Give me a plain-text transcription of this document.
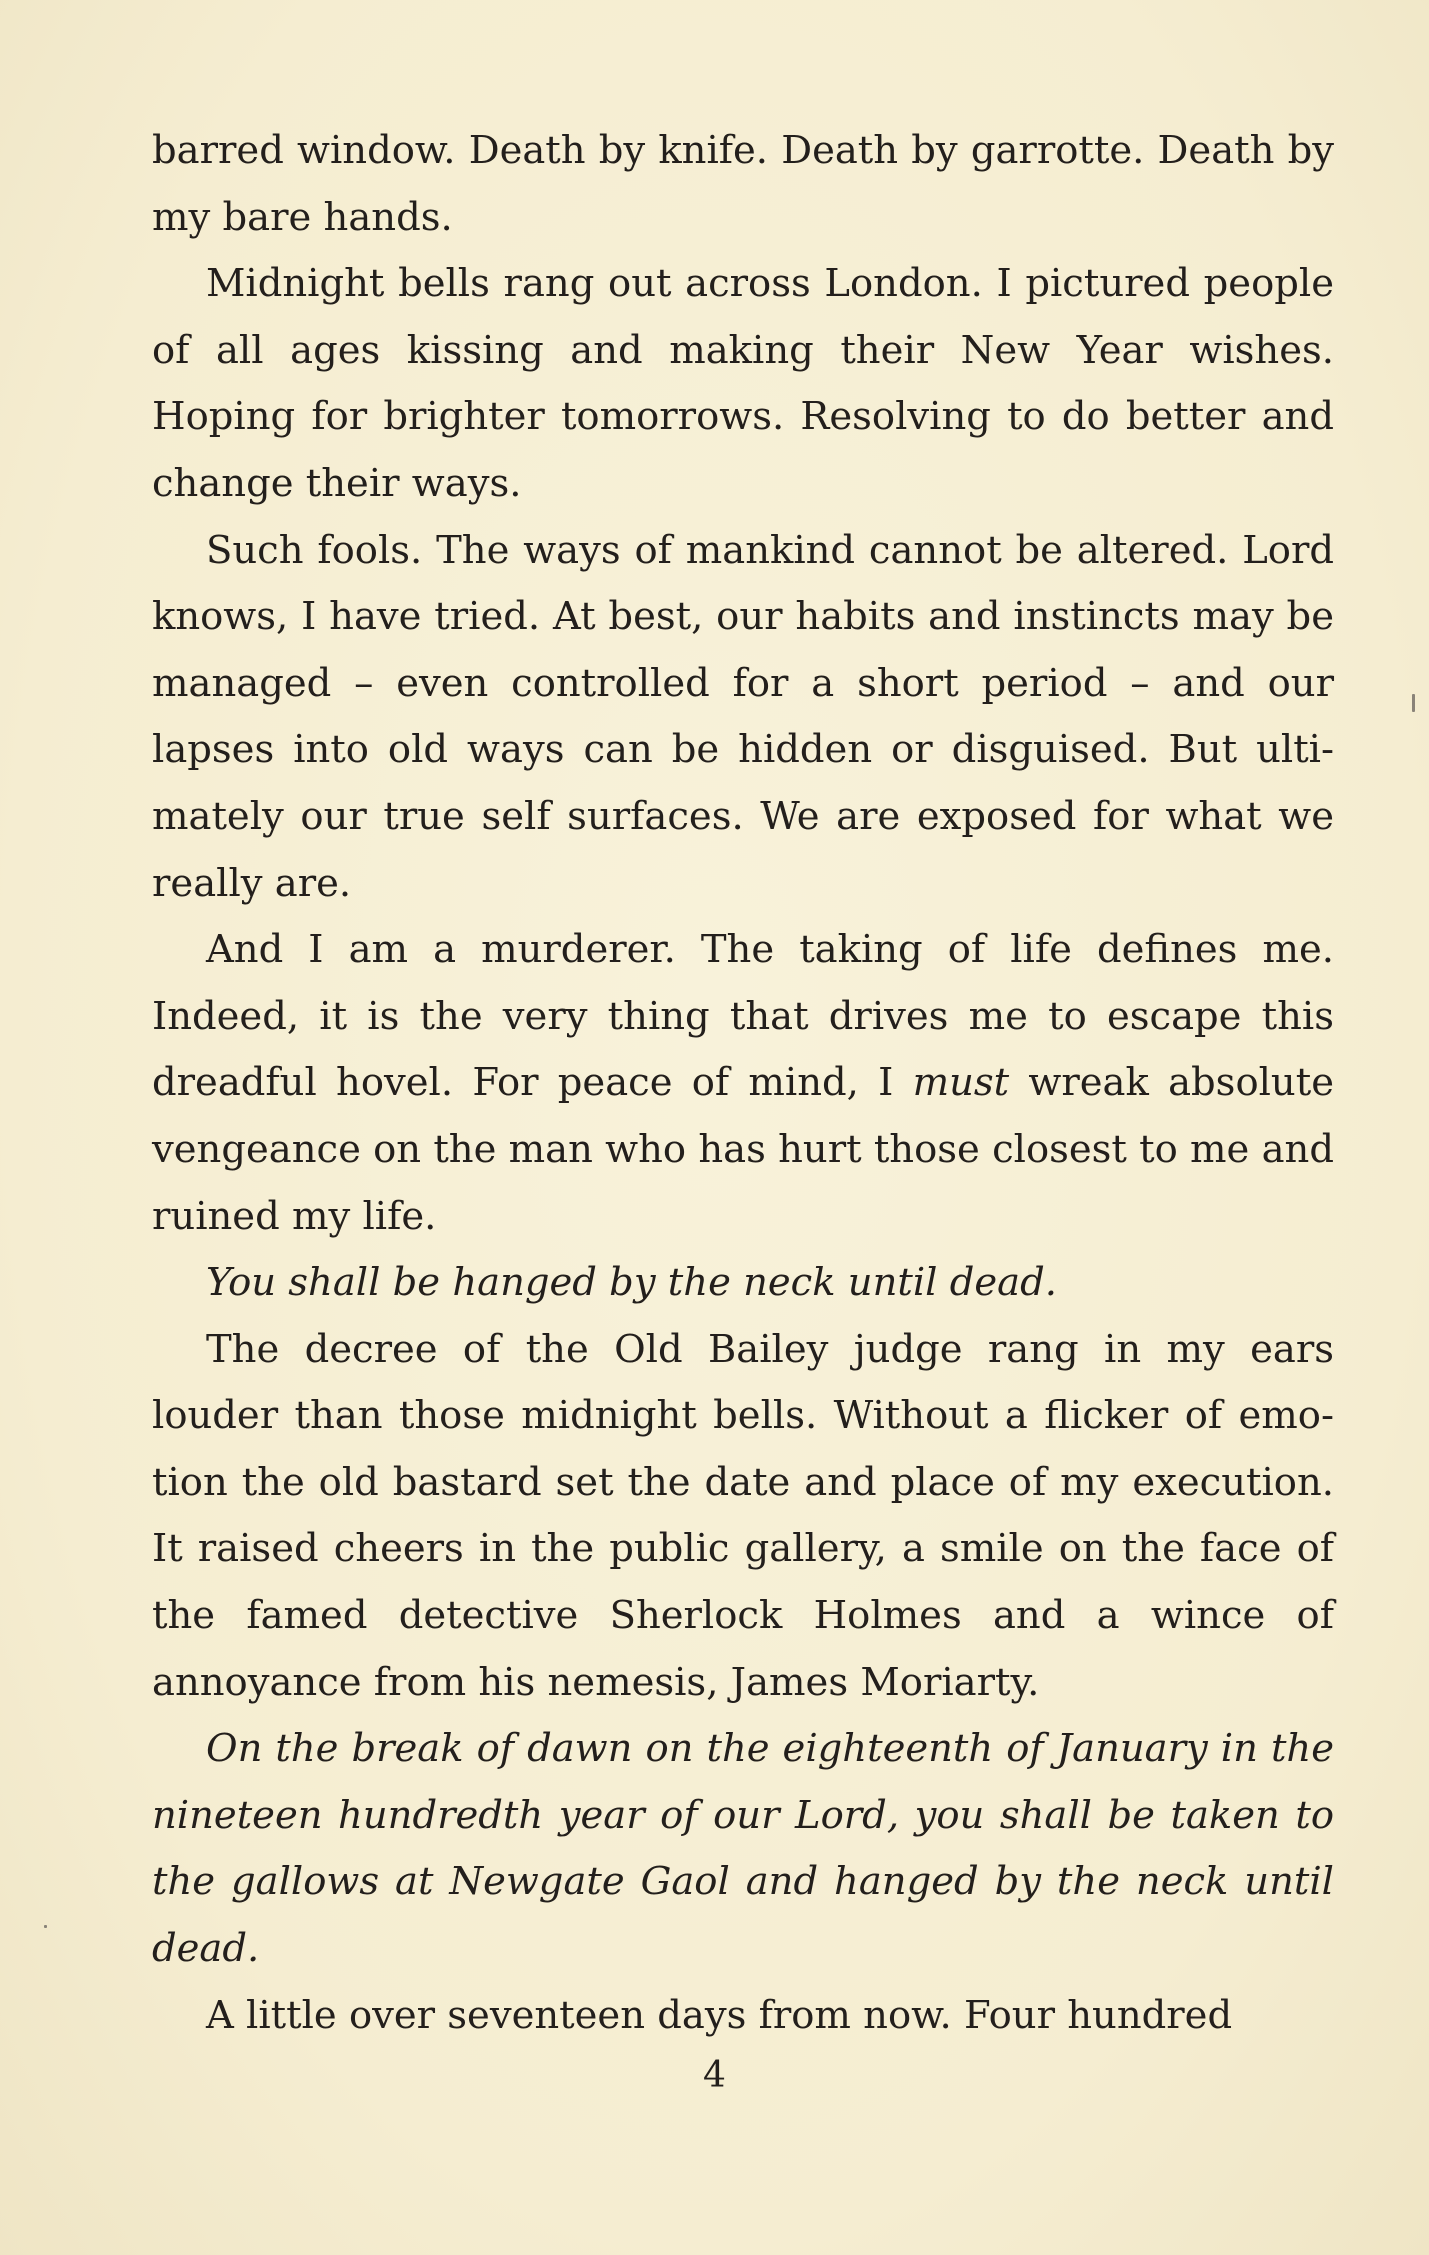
barred window. Death by knife. Death by garrotte. Death by my bare hands.

Midnight bells rang out across London. I pictured people of all ages kissing and making their New Year wishes. Hoping for brighter tomorrows. Resolving to do better and change their ways.

Such fools. The ways of mankind cannot be altered. Lord knows, I have tried. At best, our habits and instincts may be managed – even controlled for a short period – and our lapses into old ways can be hidden or disguised. But ultimately our true self surfaces. We are exposed for what we really are.

And I am a murderer. The taking of life defines me. Indeed, it is the very thing that drives me to escape this dreadful hovel. For peace of mind, I must wreak absolute vengeance on the man who has hurt those closest to me and ruined my life.

You shall be hanged by the neck until dead.

The decree of the Old Bailey judge rang in my ears louder than those midnight bells. Without a flicker of emotion the old bastard set the date and place of my execution. It raised cheers in the public gallery, a smile on the face of the famed detective Sherlock Holmes and a wince of annoyance from his nemesis, James Moriarty.

On the break of dawn on the eighteenth of January in the nineteen hundredth year of our Lord, you shall be taken to the gallows at Newgate Gaol and hanged by the neck until dead.

A little over seventeen days from now. Four hundred

4
